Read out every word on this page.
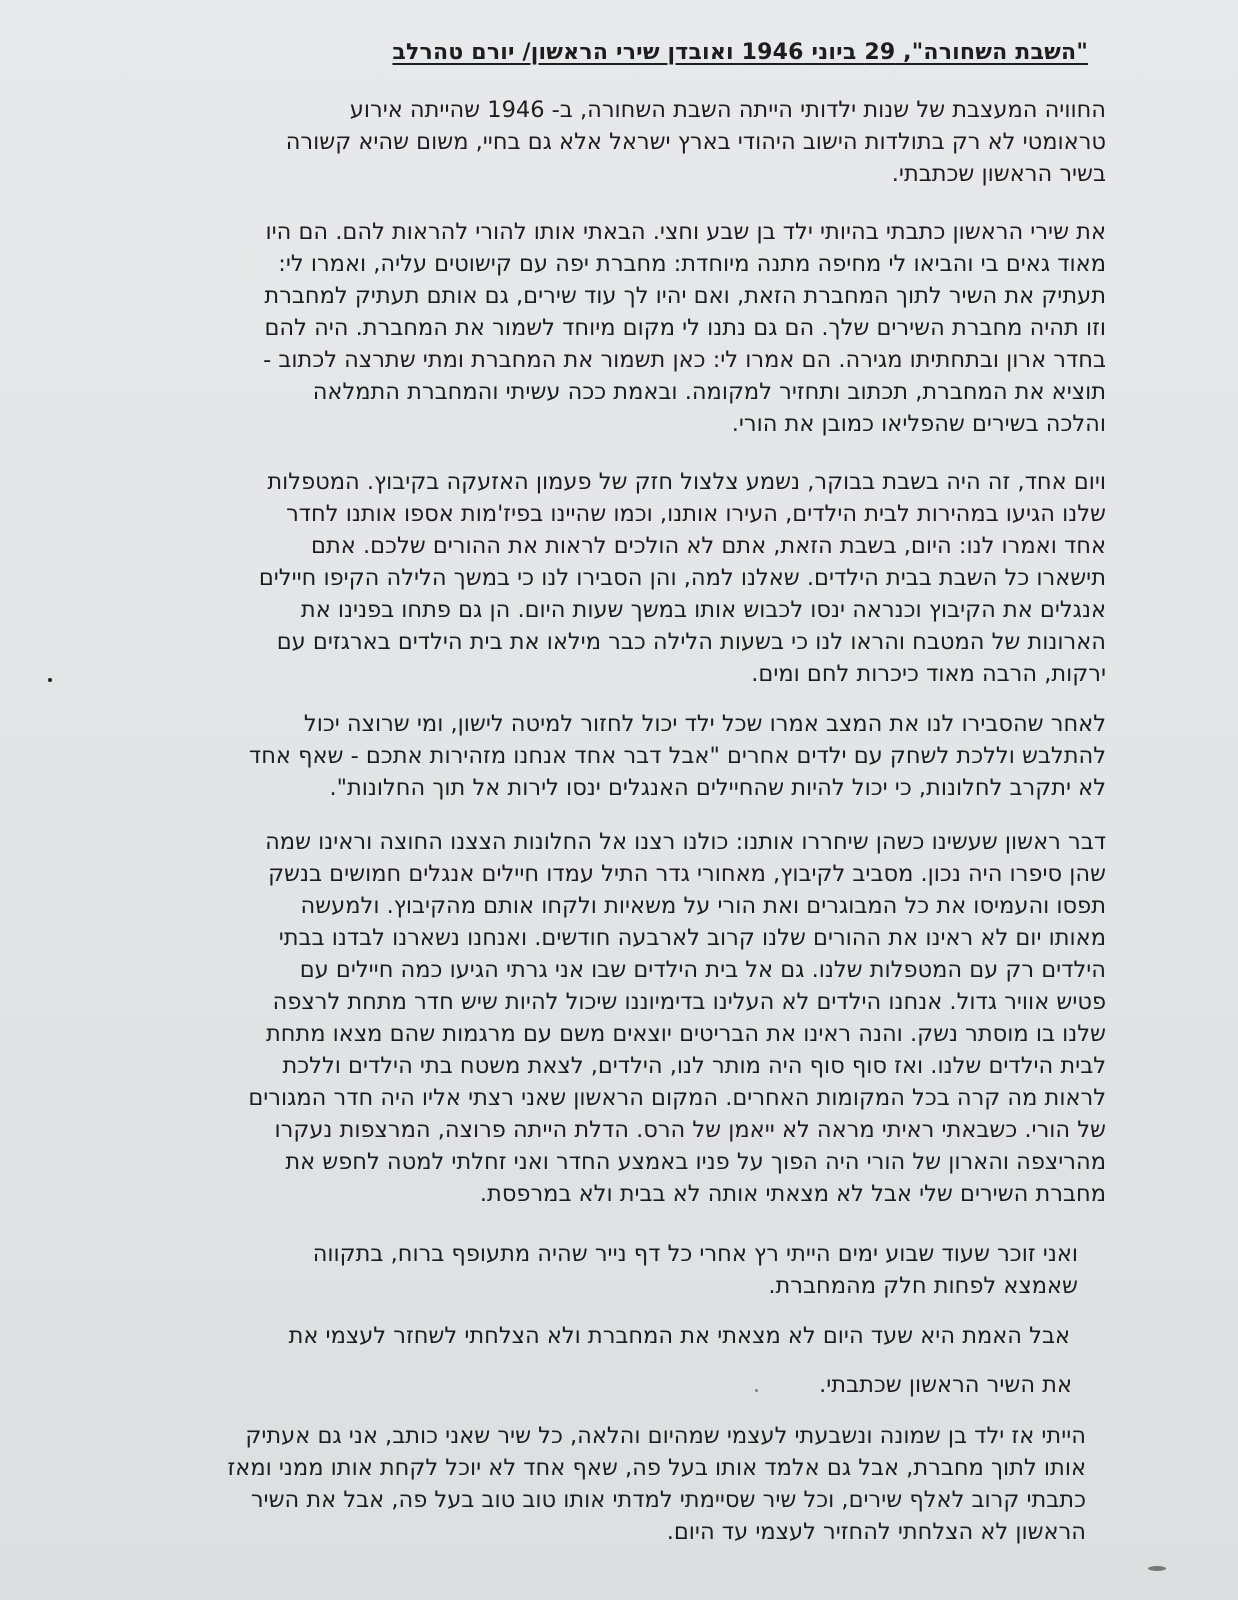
"השבת השחורה", 29 ביוני 1946 ואובדן שירי הראשון/ יורם טהרלב

החוויה המעצבת של שנות ילדותי הייתה השבת השחורה, ב- 1946 שהייתה אירוע
טראומטי לא רק בתולדות הישוב היהודי בארץ ישראל אלא גם בחיי, משום שהיא קשורה
בשיר הראשון שכתבתי.

את שירי הראשון כתבתי בהיותי ילד בן שבע וחצי. הבאתי אותו להורי להראות להם. הם היו
מאוד גאים בי והביאו לי מחיפה מתנה מיוחדת: מחברת יפה עם קישוטים עליה, ואמרו לי:
תעתיק את השיר לתוך המחברת הזאת, ואם יהיו לך עוד שירים, גם אותם תעתיק למחברת
וזו תהיה מחברת השירים שלך. הם גם נתנו לי מקום מיוחד לשמור את המחברת. היה להם
בחדר ארון ובתחתיתו מגירה. הם אמרו לי: כאן תשמור את המחברת ומתי שתרצה לכתוב -
תוציא את המחברת, תכתוב ותחזיר למקומה. ובאמת ככה עשיתי והמחברת התמלאה
והלכה בשירים שהפליאו כמובן את הורי.

ויום אחד, זה היה בשבת בבוקר, נשמע צלצול חזק של פעמון האזעקה בקיבוץ. המטפלות
שלנו הגיעו במהירות לבית הילדים, העירו אותנו, וכמו שהיינו בפיז'מות אספו אותנו לחדר
אחד ואמרו לנו: היום, בשבת הזאת, אתם לא הולכים לראות את ההורים שלכם. אתם
תישארו כל השבת בבית הילדים. שאלנו למה, והן הסבירו לנו כי במשך הלילה הקיפו חיילים
אנגלים את הקיבוץ וכנראה ינסו לכבוש אותו במשך שעות היום. הן גם פתחו בפנינו את
הארונות של המטבח והראו לנו כי בשעות הלילה כבר מילאו את בית הילדים בארגזים עם
ירקות, הרבה מאוד כיכרות לחם ומים.

לאחר שהסבירו לנו את המצב אמרו שכל ילד יכול לחזור למיטה לישון, ומי שרוצה יכול
להתלבש וללכת לשחק עם ילדים אחרים "אבל דבר אחד אנחנו מזהירות אתכם - שאף אחד
לא יתקרב לחלונות, כי יכול להיות שהחיילים האנגלים ינסו לירות אל תוך החלונות".

דבר ראשון שעשינו כשהן שיחררו אותנו: כולנו רצנו אל החלונות הצצנו החוצה וראינו שמה
שהן סיפרו היה נכון. מסביב לקיבוץ, מאחורי גדר התיל עמדו חיילים אנגלים חמושים בנשק
תפסו והעמיסו את כל המבוגרים ואת הורי על משאיות ולקחו אותם מהקיבוץ. ולמעשה
מאותו יום לא ראינו את ההורים שלנו קרוב לארבעה חודשים. ואנחנו נשארנו לבדנו בבתי
הילדים רק עם המטפלות שלנו. גם אל בית הילדים שבו אני גרתי הגיעו כמה חיילים עם
פטיש אוויר גדול. אנחנו הילדים לא העלינו בדימיוננו שיכול להיות שיש חדר מתחת לרצפה
שלנו בו מוסתר נשק. והנה ראינו את הבריטים יוצאים משם עם מרגמות שהם מצאו מתחת
לבית הילדים שלנו. ואז סוף סוף היה מותר לנו, הילדים, לצאת משטח בתי הילדים וללכת
לראות מה קרה בכל המקומות האחרים. המקום הראשון שאני רצתי אליו היה חדר המגורים
של הורי. כשבאתי ראיתי מראה לא ייאמן של הרס. הדלת הייתה פרוצה, המרצפות נעקרו
מהריצפה והארון של הורי היה הפוך על פניו באמצע החדר ואני זחלתי למטה לחפש את
מחברת השירים שלי אבל לא מצאתי אותה לא בבית ולא במרפסת.

ואני זוכר שעוד שבוע ימים הייתי רץ אחרי כל דף נייר שהיה מתעופף ברוח, בתקווה
שאמצא לפחות חלק מהמחברת.

אבל האמת היא שעד היום לא מצאתי את המחברת ולא הצלחתי לשחזר לעצמי את

את השיר הראשון שכתבתי.

הייתי אז ילד בן שמונה ונשבעתי לעצמי שמהיום והלאה, כל שיר שאני כותב, אני גם אעתיק
אותו לתוך מחברת, אבל גם אלמד אותו בעל פה, שאף אחד לא יוכל לקחת אותו ממני ומאז
כתבתי קרוב לאלף שירים, וכל שיר שסיימתי למדתי אותו טוב טוב בעל פה, אבל את השיר
הראשון לא הצלחתי להחזיר לעצמי עד היום.
